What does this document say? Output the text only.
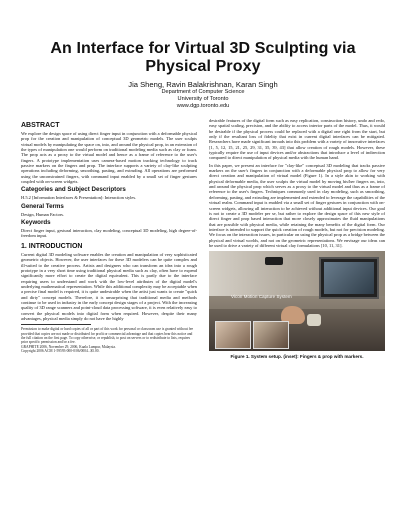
An Interface for Virtual 3D Sculpting via Physical Proxy
Jia Sheng, Ravin Balakrishnan, Karan Singh
Department of Computer Science
University of Toronto
www.dgp.toronto.edu
ABSTRACT

We explore the design space of using direct finger input in conjunction with a deformable physical prop for the creation and manipulation of conceptual 3D geometric models. The user sculpts virtual models by manipulating the space on, into, and around the physical prop, in an extension of the types of manipulation one would perform on traditional modeling media such as clay or foam. The prop acts as a proxy to the virtual model and hence as a frame of reference to the user's fingers. A prototype implementation uses camera-based motion tracking technology to track passive markers on the fingers and prop. The interface supports a variety of clay-like sculpting operations including deforming, smoothing, pasting, and extruding. All operations are performed using the unconstrained fingers, with command input enabled by a small set of finger gestures coupled with on-screen widgets.

Categories and Subject Descriptors

H.5.2 [Information Interfaces & Presentation]: Interaction styles.

General Terms

Design, Human Factors.

Keywords

Direct finger input, gestural interaction, clay modeling, conceptual 3D modeling, high degree-of-freedom input.

1. INTRODUCTION

Current digital 3D modeling software enables the creation and manipulation of very sophisticated geometric objects. However, the user interfaces for these 3D modelers can be quite complex and ill-suited to the creative process. Artists and designers who can transform an idea into a rough prototype in a very short time using traditional physical media such as clay, often have to expend significantly more effort to create the digital equivalent. This is partly due to the interface requiring users to understand and work with the low-level attributes of the digital model's underlying mathematical representation. While this additional complexity may be acceptable when a precise final model is required, it is quite undesirable when the artist just wants to create "quick and dirty" concept models. Therefore, it is unsurprising that traditional media and methods continue to be used in industry in the early concept design stages of a project. With the increasing quality of 3D range scanners and point-cloud data processing software, it is even relatively easy to convert the physical models into digital form when required. However, despite their many advantages, physical media simply do not have the highly

Permission to make digital or hard copies of all or part of this work for personal or classroom use is granted without fee provided that copies are not made or distributed for profit or commercial advantage and that copies bear this notice and the full citation on the first page. To copy otherwise, or republish, to post on servers or to redistribute to lists, requires prior specific permission and/or a fee.
GRAPHITE 2006, November 29, 2006, Kuala Lumpur, Malaysia.
Copyright 2006 ACM 1-59593-000-0/06/0004...$5.00.

desirable features of the digital form such as easy replication, construction history, undo and redo, easy spatial scaling, precision, and the ability to access interior parts of the model. Thus, it would be desirable if the physical process could be replaced with a digital one right from the start, but only if the resultant loss of fidelity that exist in current digital interfaces can be mitigated. Researchers have made significant inroads into this problem with a variety of innovative interfaces [1, 5, 12, 15, 21, 25, 29, 31, 35, 39, 43] that allow creation of rough models. However, these typically require the use of input devices and/or abstractions that introduce a level of indirection compared to direct manipulation of physical media with the human hand.

In this paper, we present an interface for "clay-like" conceptual 3D modeling that tracks passive markers on the user's fingers in conjunction with a deformable physical prop to allow for very direct creation and manipulation of virtual model (Figure 1). In a style akin to working with physical deformable media, the user sculpts the virtual model by moving his/her fingers on, into, and around the physical prop which serves as a proxy to the virtual model and thus as a frame of reference to the user's fingers. Techniques commonly used in clay modeling, such as smoothing, deforming, pasting, and extruding are implemented and extended to leverage the capabilities of the virtual realm. Command input is enabled via a small set of finger gestures in conjunction with on-screen widgets, allowing all interaction to be achieved without additional input devices. Our goal is not to create a 3D modeler per se, but rather to explore the design space of this new style of direct finger and prop based interaction that more closely approximates the fluid manipulations that are possible with physical media, while retaining the many benefits of the digital form. Our interface is intended to support the quick creation of rough models, but not for precision modeling. We focus on the interaction issues, in particular on using the physical prop as a bridge between the physical and virtual worlds, and not on the geometric representations. We envisage our ideas can be used to drive a variety of different virtual clay formulations [10, 11, 31].

Vicon Motion Capture System
Figure 1. System setup. (inset): Fingers & prop with markers.
